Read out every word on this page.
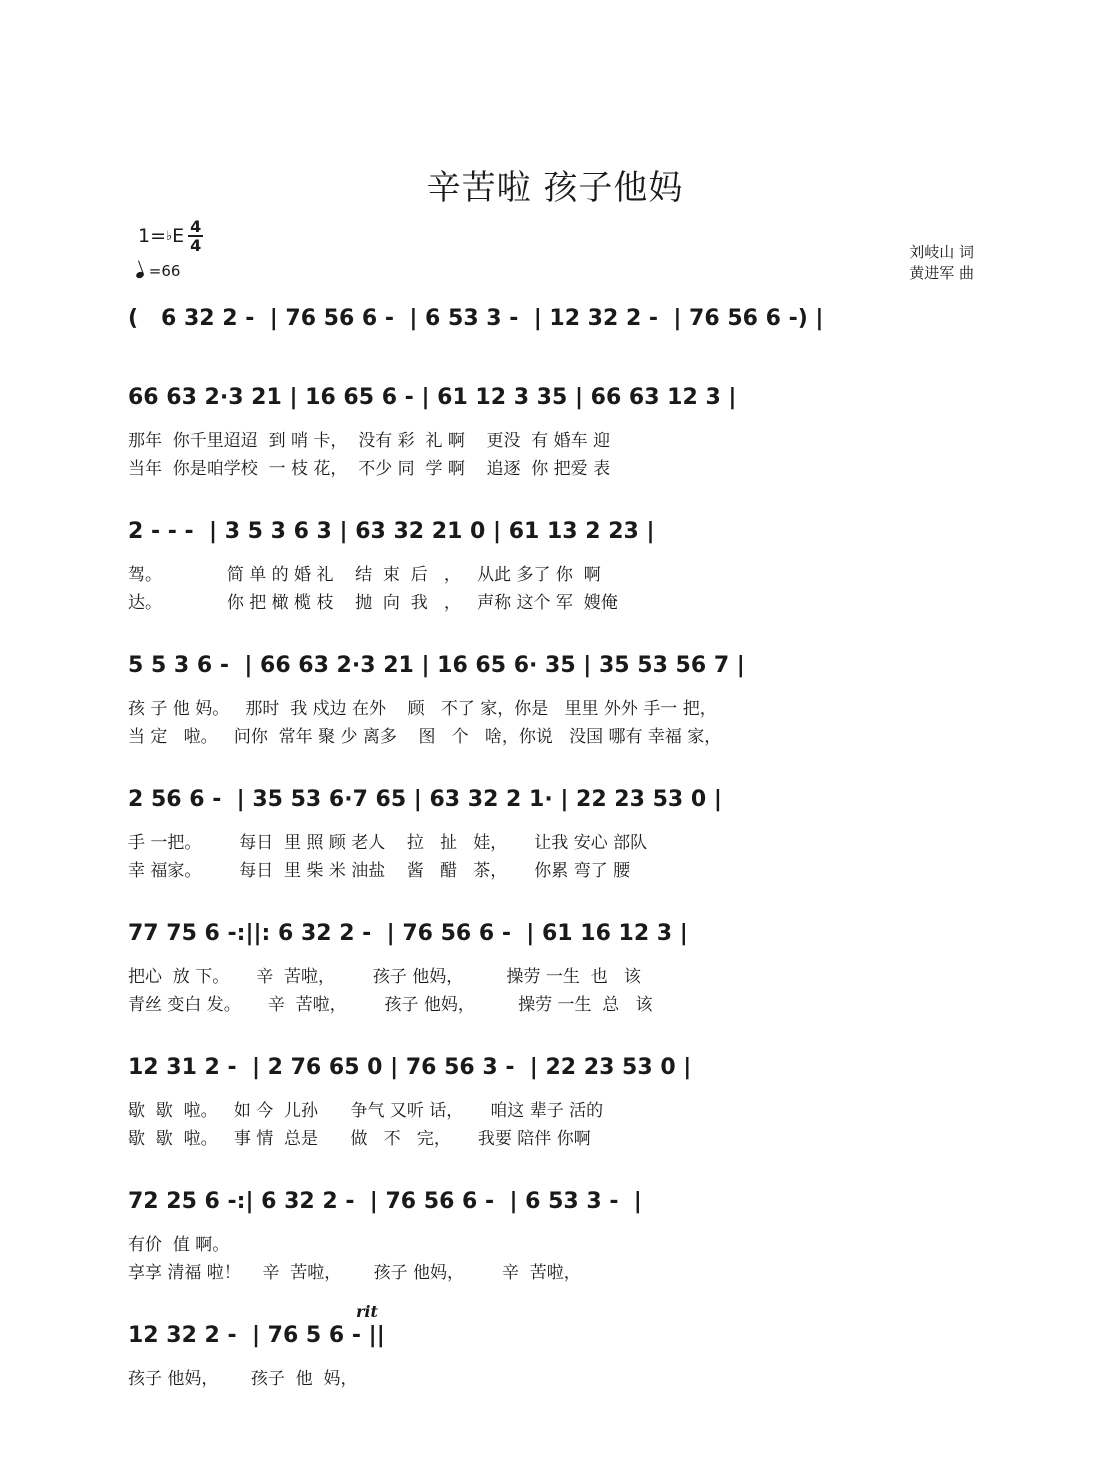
辛苦啦 孩子他妈
1= ♭ E $\frac{4}{4}$
=66
刘岐山 词
黄进军 曲
(   6 32 2 -  | 76 56 6 -  | 6 53 3 -  | 12 32 2 -  | 76 56 6 -) |
66 63 2·3 21 | 16 65 6 - | 61 12 3 35 | 66 63 12 3 |
那年  你千里迢迢  到 哨 卡，  没有 彩  礼 啊    更没  有 婚车 迎
当年  你是咱学校  一 枝 花，  不少 同  学 啊    追逐  你 把爱 表
2 - - -  | 3 5 3 6 3 | 63 32 21 0 | 61 13 2 23 |
驾。            简 单 的 婚 礼    结  束  后   ，   从此 多了 你  啊
达。            你 把 橄 榄 枝    抛  向  我   ，   声称 这个 军  嫂俺
5 5 3 6 -  | 66 63 2·3 21 | 16 65 6· 35 | 35 53 56 7 |
孩 子 他 妈。   那时  我 戍边 在外    顾   不了 家，你是   里里 外外 手一 把，
当 定   啦。   问你  常年 聚 少 离多    图   个   啥，你说   没国 哪有 幸福 家，
2 56 6 -  | 35 53 6·7 65 | 63 32 2 1· | 22 23 53 0 |
手 一把。       每日  里 照 顾 老人    拉   扯   娃，     让我 安心 部队
幸 福家。       每日  里 柴 米 油盐    酱   醋   茶，     你累 弯了 腰
77 75 6 -:||: 6 32 2 -  | 76 56 6 -  | 61 16 12 3 |
把心  放 下。     辛  苦啦，       孩子 他妈，        操劳 一生  也   该
青丝 变白 发。     辛  苦啦，       孩子 他妈，        操劳 一生  总   该
12 31 2 -  | 2 76 65 0 | 76 56 3 -  | 22 23 53 0 |
歇  歇  啦。   如 今  儿孙      争气 又听 话，     咱这 辈子 活的
歇  歇  啦。   事 情  总是      做   不   完，     我要 陪伴 你啊
72 25 6 -:| 6 32 2 -  | 76 56 6 -  | 6 53 3 -  |
有价  值 啊。
享享 清福 啦！    辛  苦啦，      孩子 他妈，       辛  苦啦，
rit
12 32 2 -  | 76 5 6 - ||
孩子 他妈，      孩子  他  妈，
